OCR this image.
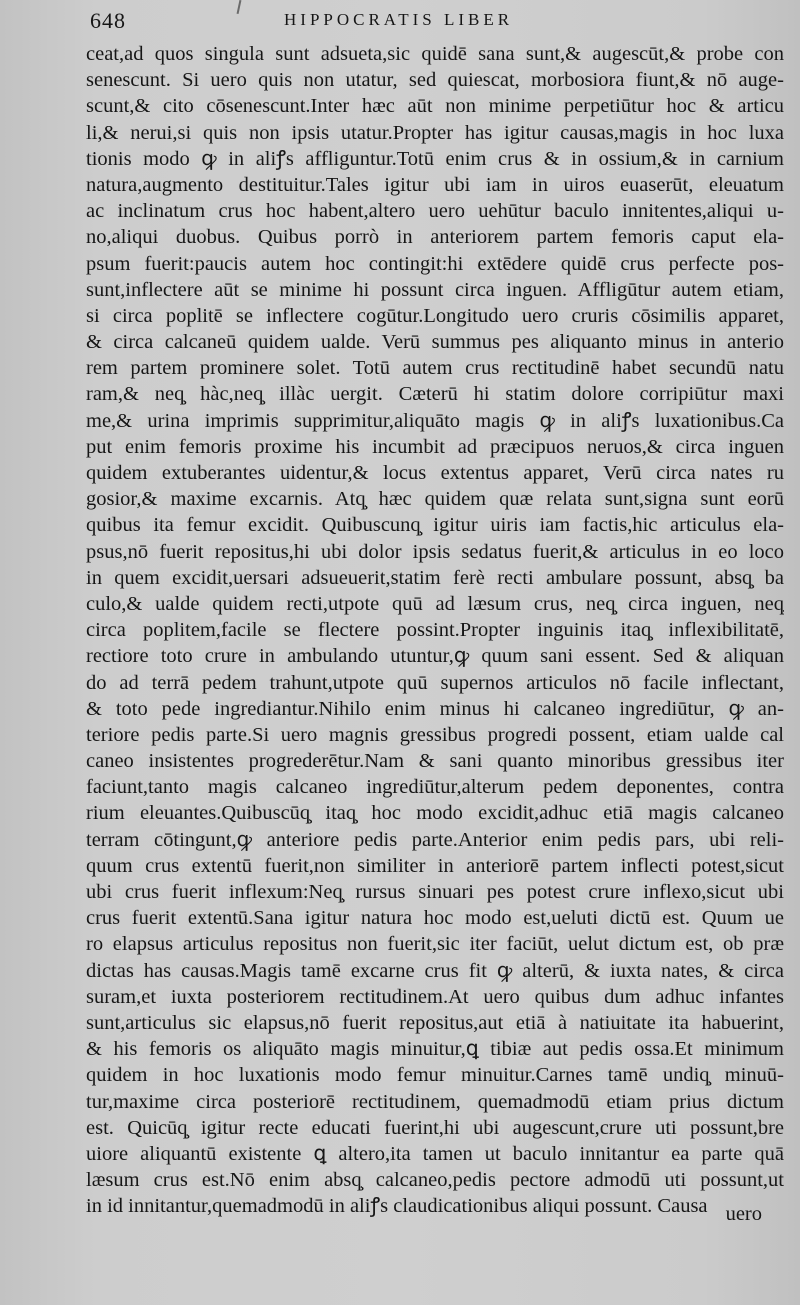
648	HIPPOCRATIS LIBER
ceat,ad quos singula sunt adsueta,sic quidē sana sunt,& augescūt,& probe con
senescunt. Si uero quis non utatur, sed quiescat, morbosiora fiunt,& nō auge-
scunt,& cito cōsenescunt.Inter hæc aūt non minime perpetiūtur hoc & articu
li,& nerui,si quis non ipsis utatur.Propter has igitur causas,magis in hoc luxa
tionis modo ꝙ in aliꝭs affliguntur.Totū enim crus & in ossium,& in carnium
natura,augmento destituitur.Tales igitur ubi iam in uiros euaserūt, eleuatum
ac inclinatum crus hoc habent,altero uero uehūtur baculo innitentes,aliqui u-
no,aliqui duobus. Quibus porrò in anteriorem partem femoris caput ela-
psum fuerit:paucis autem hoc contingit:hi extēdere quidē crus perfecte pos-
sunt,inflectere aūt se minime hi possunt circa inguen. Affligūtur autem etiam,
si circa poplitē se inflectere cogūtur.Longitudo uero cruris cōsimilis apparet,
& circa calcaneū quidem ualde. Verū summus pes aliquanto minus in anterio
rem partem prominere solet. Totū autem crus rectitudinē habet secundū natu
ram,& neq̧ hàc,neq̧ illàc uergit. Cæterū hi statim dolore corripiūtur maxi
me,& urina imprimis supprimitur,aliquāto magis ꝙ in aliꝭs luxationibus.Ca
put enim femoris proxime his incumbit ad præcipuos neruos,& circa inguen
quidem extuberantes uidentur,& locus extentus apparet, Verū circa nates ru
gosior,& maxime excarnis. Atq̧ hæc quidem quæ relata sunt,signa sunt eorū
quibus ita femur excidit. Quibuscunq̧ igitur uiris iam factis,hic articulus ela-
psus,nō fuerit repositus,hi ubi dolor ipsis sedatus fuerit,& articulus in eo loco
in quem excidit,uersari adsueuerit,statim ferè recti ambulare possunt, absq̧ ba
culo,& ualde quidem recti,utpote quū ad læsum crus, neq̧ circa inguen, neq̧
circa poplitem,facile se flectere possint.Propter inguinis itaq̧ inflexibilitatē,
rectiore toto crure in ambulando utuntur,ꝙ quum sani essent. Sed & aliquan
do ad terrā pedem trahunt,utpote quū supernos articulos nō facile inflectant,
& toto pede ingrediantur.Nihilo enim minus hi calcaneo ingrediūtur, ꝙ an-
teriore pedis parte.Si uero magnis gressibus progredi possent, etiam ualde cal
caneo insistentes progrederētur.Nam & sani quanto minoribus gressibus iter
faciunt,tanto magis calcaneo ingrediūtur,alterum pedem deponentes, contra
rium eleuantes.Quibuscūq̧ itaq̧ hoc modo excidit,adhuc etiā magis calcaneo
terram cōtingunt,ꝙ anteriore pedis parte.Anterior enim pedis pars, ubi reli-
quum crus extentū fuerit,non similiter in anteriorē partem inflecti potest,sicut
ubi crus fuerit inflexum:Neq̧ rursus sinuari pes potest crure inflexo,sicut ubi
crus fuerit extentū.Sana igitur natura hoc modo est,ueluti dictū est. Quum ue
ro elapsus articulus repositus non fuerit,sic iter faciūt, uelut dictum est, ob præ
dictas has causas.Magis tamē excarne crus fit ꝙ alterū, & iuxta nates, & circa
suram,et iuxta posteriorem rectitudinem.At uero quibus dum adhuc infantes
sunt,articulus sic elapsus,nō fuerit repositus,aut etiā à natiuitate ita habuerint,
& his femoris os aliquāto magis minuitur,ꝗ tibiæ aut pedis ossa.Et minimum
quidem in hoc luxationis modo femur minuitur.Carnes tamē undiq̧ minuū-
tur,maxime circa posteriorē rectitudinem, quemadmodū etiam prius dictum
est. Quicūq̧ igitur recte educati fuerint,hi ubi augescunt,crure uti possunt,bre
uiore aliquantū existente ꝗ altero,ita tamen ut baculo innitantur ea parte quā
læsum crus est.Nō enim absq̧ calcaneo,pedis pectore admodū uti possunt,ut
in id innitantur,quemadmodū in aliꝭs claudicationibus aliqui possunt. Causa uero
